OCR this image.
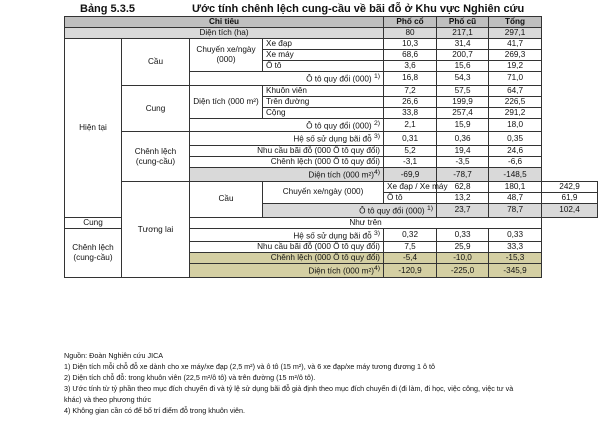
Bảng 5.3.5	Ước tính chênh lệch cung-cầu về bãi đỗ ở Khu vực Nghiên cứu
Chỉ tiêu				Phố cổ	Phố cũ	Tổng	
Diện tích (ha)				80	217,1	297,1	
Hiện tại	Cầu	Chuyến xe/ngày (000)	Xe đạp	10,3	31,4	41,7	
			Xe máy	68,6	200,7	269,3	
			Ô tô	3,6	15,6	19,2	
		Ô tô quy đổi (000) $^{1)}$		16,8	54,3	71,0	
	Cung	Diện tích (000 m²)	Khuôn viên	7,2	57,5	64,7	
			Trên đường	26,6	199,9	226,5	
			Cộng	33,8	257,4	291,2	
		Ô tô quy đổi (000) $^{2)}$		2,1	15,9	18,0	
	Chênh lệch (cung-cầu)	Hệ số sử dụng bãi đỗ $^{3)}$		0,31	0,36	0,35	
		Nhu cầu bãi đỗ (000 Ô tô quy đổi)		5,2	19,4	24,6	
		Chênh lệch (000 Ô tô quy đổi)		-3,1	-3,5	-6,6	
		Diện tích (000 m²)$^{4)}$		-69,9	-78,7	-148,5	
	Tương lai	Cầu	Chuyến xe/ngày (000)	Xe đạp / Xe máy	62,8	180,1	242,9
				Ô tô	13,2	48,7	61,9
			Ô tô quy đổi (000) $^{1)}$		23,7	78,7	102,4
Cung		Như trên					
Chênh lệch (cung-cầu)		Hệ số sử dụng bãi đỗ $^{3)}$		0,32	0,33	0,33	
		Nhu cầu bãi đỗ (000 Ô tô quy đổi)		7,5	25,9	33,3	
		Chênh lệch (000 Ô tô quy đổi)		-5,4	-10,0	-15,3	
		Diện tích (000 m²)$^{4)}$		-120,9	-225,0	-345,9	
Nguồn: Đoàn Nghiên cứu JICA
1) Diện tích mỗi chỗ đỗ xe dành cho xe máy/xe đạp (2,5 m²) và ô tô (15 m²), và 6 xe đạp/xe máy tương đương 1 ô tô
2) Diện tích chỗ đỗ: trong khuôn viên (22,5 m²/ô tô) và trên đường (15 m²/ô tô).
3) Ước tính từ tỷ phần theo mục đích chuyến đi và tỷ lệ sử dụng bãi đỗ giả định theo mục đích chuyến đi (đi làm, đi học, việc công, việc tư và
khác) và theo phương thức
4) Không gian cần có để bố trí điểm đỗ trong khuôn viên.
